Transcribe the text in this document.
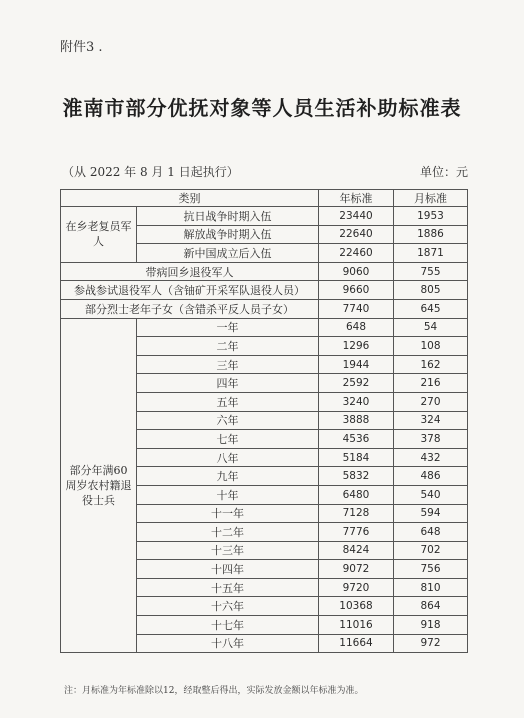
附件3 .
淮南市部分优抚对象等人员生活补助标准表
（从 2022 年 8 月 1 日起执行）	单位：元
类别		年标准	月标准
在乡老复员军人	抗日战争时期入伍	23440	1953
	解放战争时期入伍	22640	1886
	新中国成立后入伍	22460	1871
带病回乡退役军人		9060	755
参战参试退役军人（含铀矿开采军队退役人员）		9660	805
部分烈士老年子女（含错杀平反人员子女）		7740	645
部分年满60周岁农村籍退役士兵	一年	648	54
	二年	1296	108
	三年	1944	162
	四年	2592	216
	五年	3240	270
	六年	3888	324
	七年	4536	378
	八年	5184	432
	九年	5832	486
	十年	6480	540
	十一年	7128	594
	十二年	7776	648
	十三年	8424	702
	十四年	9072	756
	十五年	9720	810
	十六年	10368	864
	十七年	11016	918
	十八年	11664	972
注：月标准为年标准除以12，经取整后得出，实际发放金额以年标准为准。
